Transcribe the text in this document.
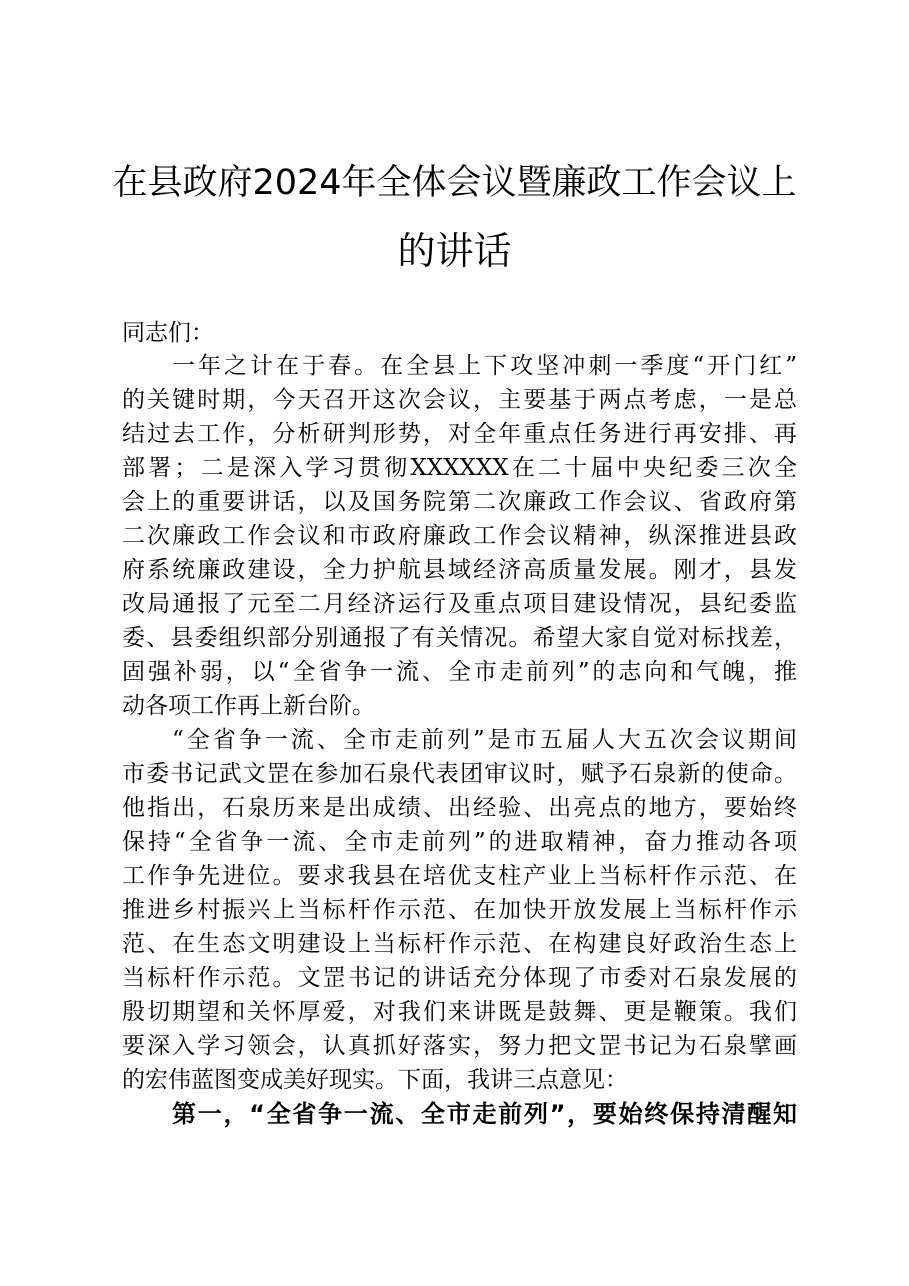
在县政府2024年全体会议暨廉政工作会议上
的讲话
同志们：
一年之计在于春。在全县上下攻坚冲刺一季度“开门红”
的关键时期，今天召开这次会议，主要基于两点考虑，一是总
结过去工作，分析研判形势，对全年重点任务进行再安排、再
部署；二是深入学习贯彻XXXXXX在二十届中央纪委三次全
会上的重要讲话，以及国务院第二次廉政工作会议、省政府第
二次廉政工作会议和市政府廉政工作会议精神，纵深推进县政
府系统廉政建设，全力护航县域经济高质量发展。刚才，县发
改局通报了元至二月经济运行及重点项目建设情况，县纪委监
委、县委组织部分别通报了有关情况。希望大家自觉对标找差，
固强补弱，以“全省争一流、全市走前列”的志向和气魄，推
动各项工作再上新台阶。
“全省争一流、全市走前列”是市五届人大五次会议期间
市委书记武文罡在参加石泉代表团审议时，赋予石泉新的使命。
他指出，石泉历来是出成绩、出经验、出亮点的地方，要始终
保持“全省争一流、全市走前列”的进取精神，奋力推动各项
工作争先进位。要求我县在培优支柱产业上当标杆作示范、在
推进乡村振兴上当标杆作示范、在加快开放发展上当标杆作示
范、在生态文明建设上当标杆作示范、在构建良好政治生态上
当标杆作示范。文罡书记的讲话充分体现了市委对石泉发展的
殷切期望和关怀厚爱，对我们来讲既是鼓舞、更是鞭策。我们
要深入学习领会，认真抓好落实，努力把文罡书记为石泉擘画
的宏伟蓝图变成美好现实。下面，我讲三点意见：
第一，“全省争一流、全市走前列”，要始终保持清醒知
